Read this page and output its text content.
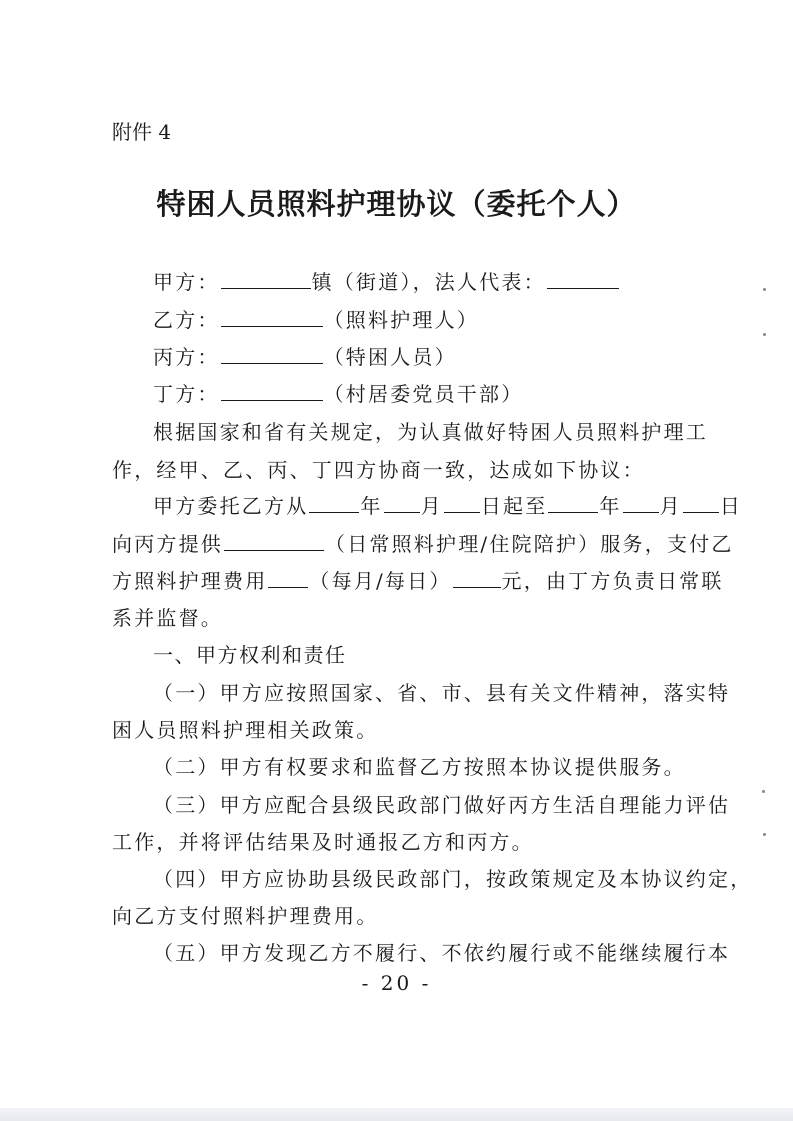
附件 4
特困人员照料护理协议（委托个人）
甲方：	镇（街道），法人代表：
乙方：	（照料护理人）
丙方：	（特困人员）
丁方：	（村居委党员干部）
根据国家和省有关规定，为认真做好特困人员照料护理工
作，经甲、乙、丙、丁四方协商一致，达成如下协议：
甲方委托乙方从	年 月 日起至	年 月 日
向丙方提供	（日常照料护理/住院陪护）服务，支付乙
方照料护理费用 （每月/每日）	元，由丁方负责日常联
系并监督。
一、甲方权利和责任
（一）甲方应按照国家、省、市、县有关文件精神，落实特
困人员照料护理相关政策。
（二）甲方有权要求和监督乙方按照本协议提供服务。
（三）甲方应配合县级民政部门做好丙方生活自理能力评估
工作，并将评估结果及时通报乙方和丙方。
（四）甲方应协助县级民政部门，按政策规定及本协议约定，
向乙方支付照料护理费用。
（五）甲方发现乙方不履行、不依约履行或不能继续履行本
- 20 -
